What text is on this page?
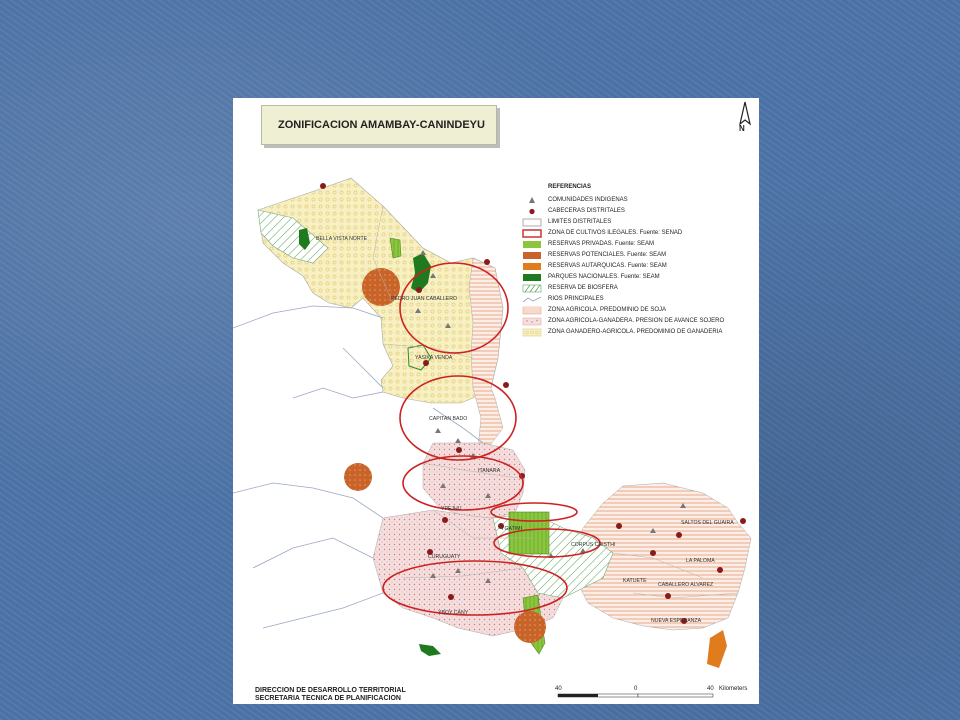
BELLA VISTA NORTE
PEDRO JUAN CABALLERO
YASIKA VENDA
CAPITAN BADO
ITANARA
YPEJHU
CURUGUATY
YGATIMI
CORPUS CRISTHI
SALTOS DEL GUAIRA
LA PALOMA
KATUETE
CABALLERO ALVAREZ
YBOY CANY
NUEVA ESPERANZA
ZONIFICACION AMAMBAY-CANINDEYU	N
REFERENCIAS
COMUNIDADES INDIGENAS
CABECERAS DISTRITALES
LIMITES DISTRITALES
ZONA DE CULTIVOS ILEGALES. Fuente: SENAD
RESERVAS PRIVADAS. Fuente: SEAM
RESERVAS POTENCIALES. Fuente: SEAM
RESERVAS AUTARQUICAS. Fuente: SEAM
PARQUES NACIONALES. Fuente: SEAM
RESERVA DE BIOSFERA
RIOS PRINCIPALES
ZONA AGRICOLA. PREDOMINIO DE SOJA
ZONA AGRICOLA-GANADERA. PRESION DE AVANCE SOJERO
ZONA GANADERO-AGRICOLA. PREDOMINIO DE GANADERIA
DIRECCION DE DESARROLLO TERRITORIAL
SECRETARIA TECNICA DE PLANIFICACION
40	0	40 Kilometers
